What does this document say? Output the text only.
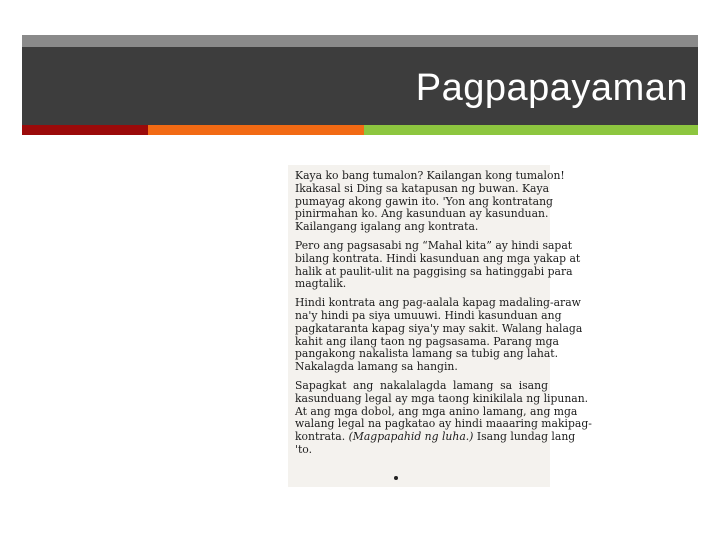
Pagpapayaman

Kaya ko bang tumalon? Kailangan kong tumalon!
Ikakasal si Ding sa katapusan ng buwan. Kaya
pumayag akong gawin ito. 'Yon ang kontratang
pinirmahan ko. Ang kasunduan ay kasunduan.
Kailangang igalang ang kontrata.

Pero ang pagsasabi ng “Mahal kita” ay hindi sapat
bilang kontrata. Hindi kasunduan ang mga yakap at
halik at paulit-ulit na paggising sa hatinggabi para
magtalik.

Hindi kontrata ang pag-aalala kapag madaling-araw
na'y hindi pa siya umuuwi. Hindi kasunduan ang
pagkataranta kapag siya'y may sakit. Walang halaga
kahit ang ilang taon ng pagsasama. Parang mga
pangakong nakalista lamang sa tubig ang lahat.
Nakalagda lamang sa hangin.

Sapagkat ang nakalalagda lamang sa isang
kasunduang legal ay mga taong kinikilala ng lipunan.
At ang mga dobol, ang mga anino lamang, ang mga
walang legal na pagkatao ay hindi maaaring makipag-
kontrata. (Magpapahid ng luha.) Isang lundag lang
'to.
